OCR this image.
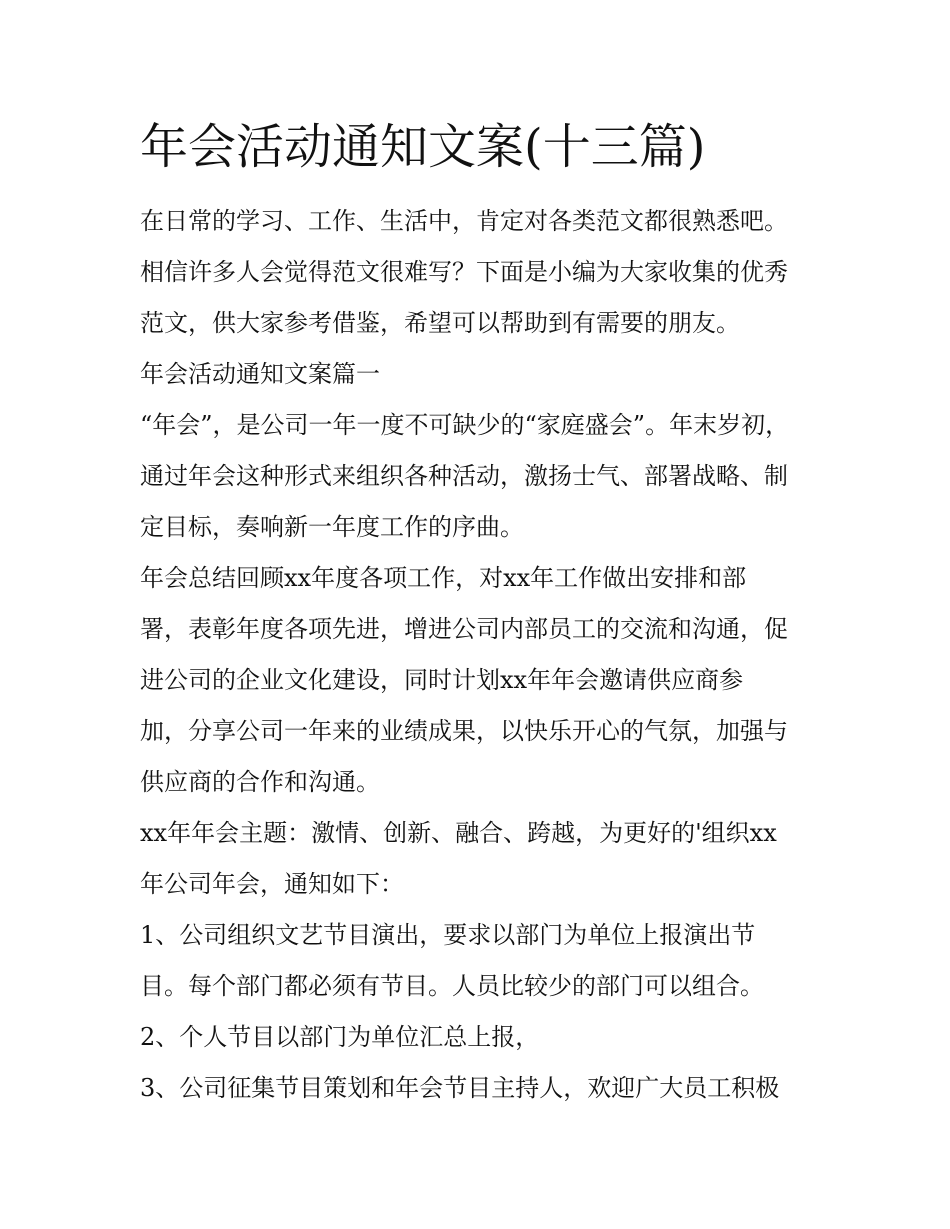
年会活动通知文案(十三篇)

在日常的学习、工作、生活中，肯定对各类范文都很熟悉吧。

相信许多人会觉得范文很难写？下面是小编为大家收集的优秀

范文，供大家参考借鉴，希望可以帮助到有需要的朋友。

年会活动通知文案篇一

“年会”，是公司一年一度不可缺少的“家庭盛会”。年末岁初，

通过年会这种形式来组织各种活动，激扬士气、部署战略、制

定目标，奏响新一年度工作的序曲。

年会总结回顾xx年度各项工作，对xx年工作做出安排和部

署，表彰年度各项先进，增进公司内部员工的交流和沟通，促

进公司的企业文化建设，同时计划xx年年会邀请供应商参

加，分享公司一年来的业绩成果，以快乐开心的气氛，加强与

供应商的合作和沟通。

xx年年会主题：激情、创新、融合、跨越，为更好的'组织xx

年公司年会，通知如下：

1、公司组织文艺节目演出，要求以部门为单位上报演出节

目。每个部门都必须有节目。人员比较少的部门可以组合。

2、个人节目以部门为单位汇总上报，

3、公司征集节目策划和年会节目主持人，欢迎广大员工积极
